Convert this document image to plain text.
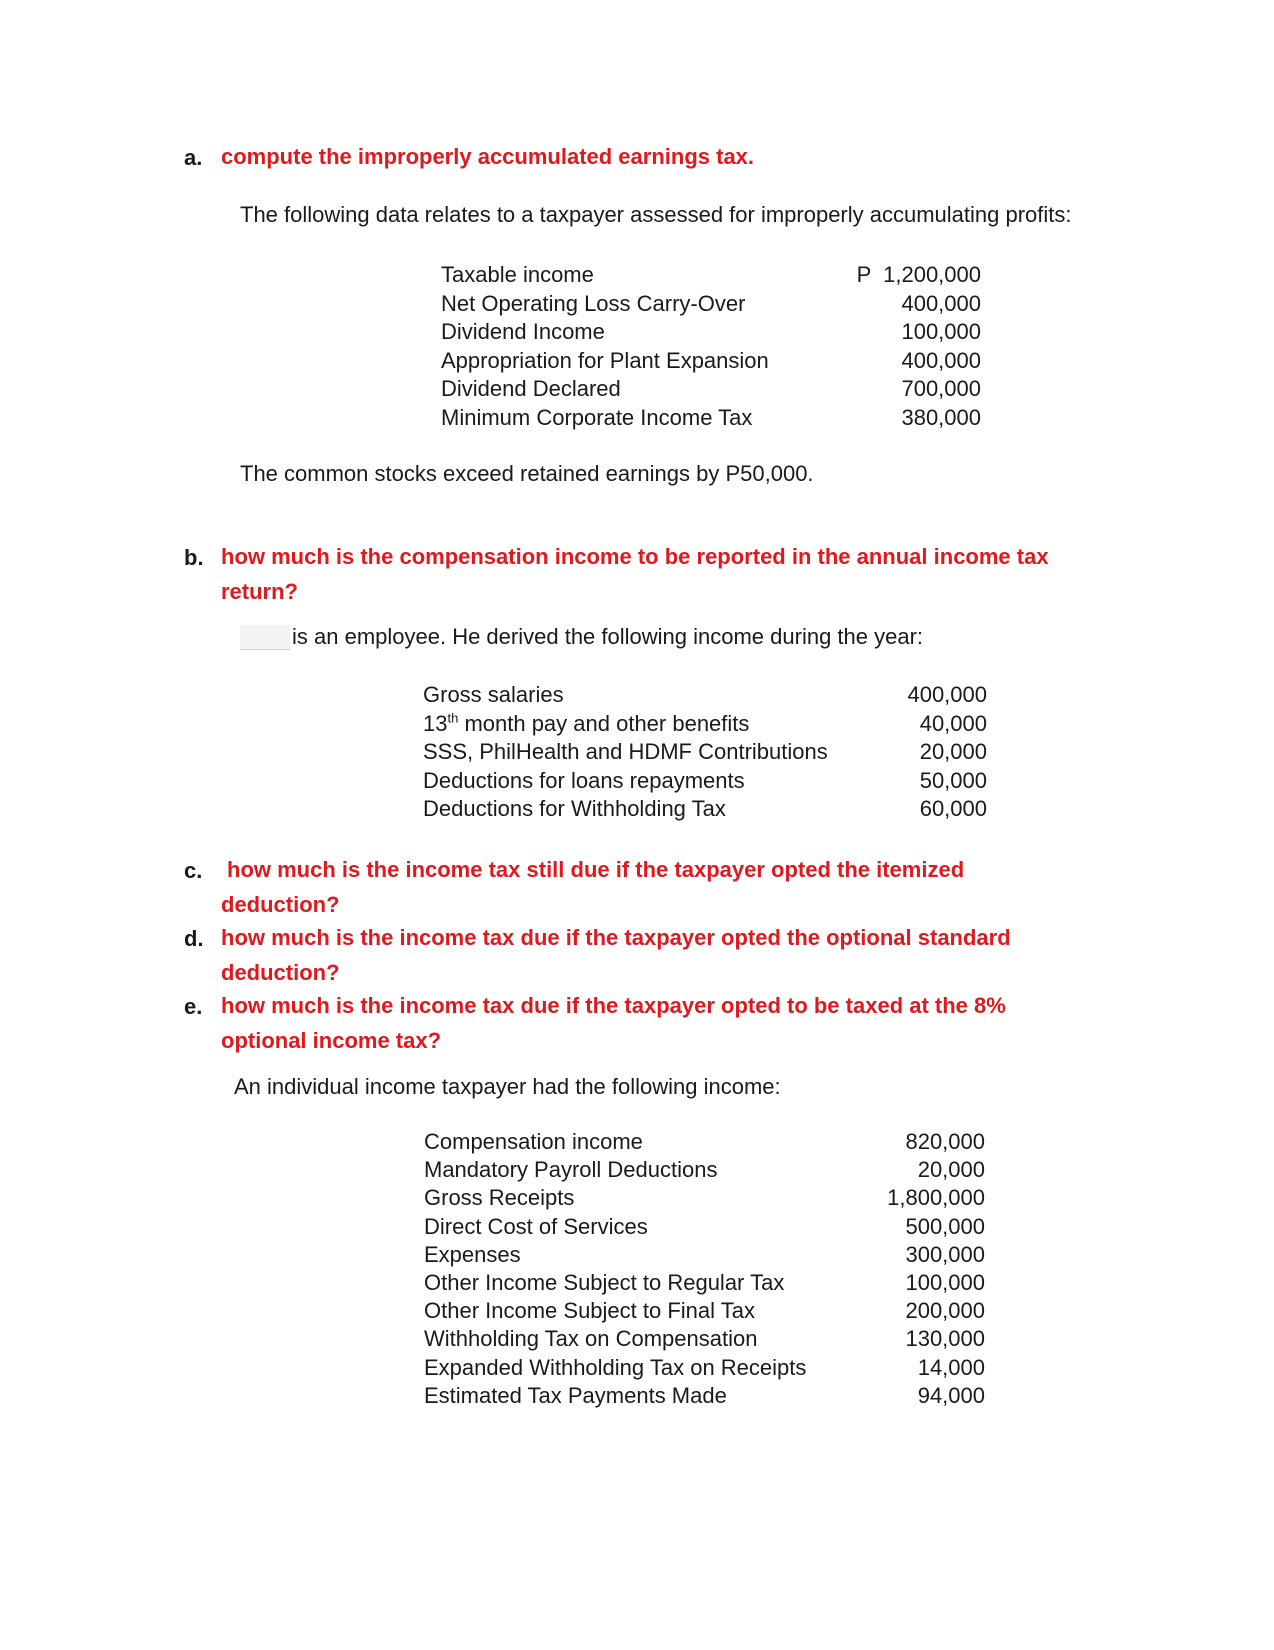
a. compute the improperly accumulated earnings tax.
The following data relates to a taxpayer assessed for improperly accumulating profits:
Taxable income	P  1,200,000
Net Operating Loss Carry-Over	400,000
Dividend Income	100,000
Appropriation for Plant Expansion	400,000
Dividend Declared	700,000
Minimum Corporate Income Tax	380,000
The common stocks exceed retained earnings by P50,000.
b. how much is the compensation income to be reported in the annual income tax return?
is an employee. He derived the following income during the year:
Gross salaries	400,000
13th month pay and other benefits	40,000
SSS, PhilHealth and HDMF Contributions	20,000
Deductions for loans repayments	50,000
Deductions for Withholding Tax	60,000
c. how much is the income tax still due if the taxpayer opted the itemized deduction?
d. how much is the income tax due if the taxpayer opted the optional standard deduction?
e. how much is the income tax due if the taxpayer opted to be taxed at the 8% optional income tax?
An individual income taxpayer had the following income:
Compensation income	820,000
Mandatory Payroll Deductions	20,000
Gross Receipts	1,800,000
Direct Cost of Services	500,000
Expenses	300,000
Other Income Subject to Regular Tax	100,000
Other Income Subject to Final Tax	200,000
Withholding Tax on Compensation	130,000
Expanded Withholding Tax on Receipts	14,000
Estimated Tax Payments Made	94,000
